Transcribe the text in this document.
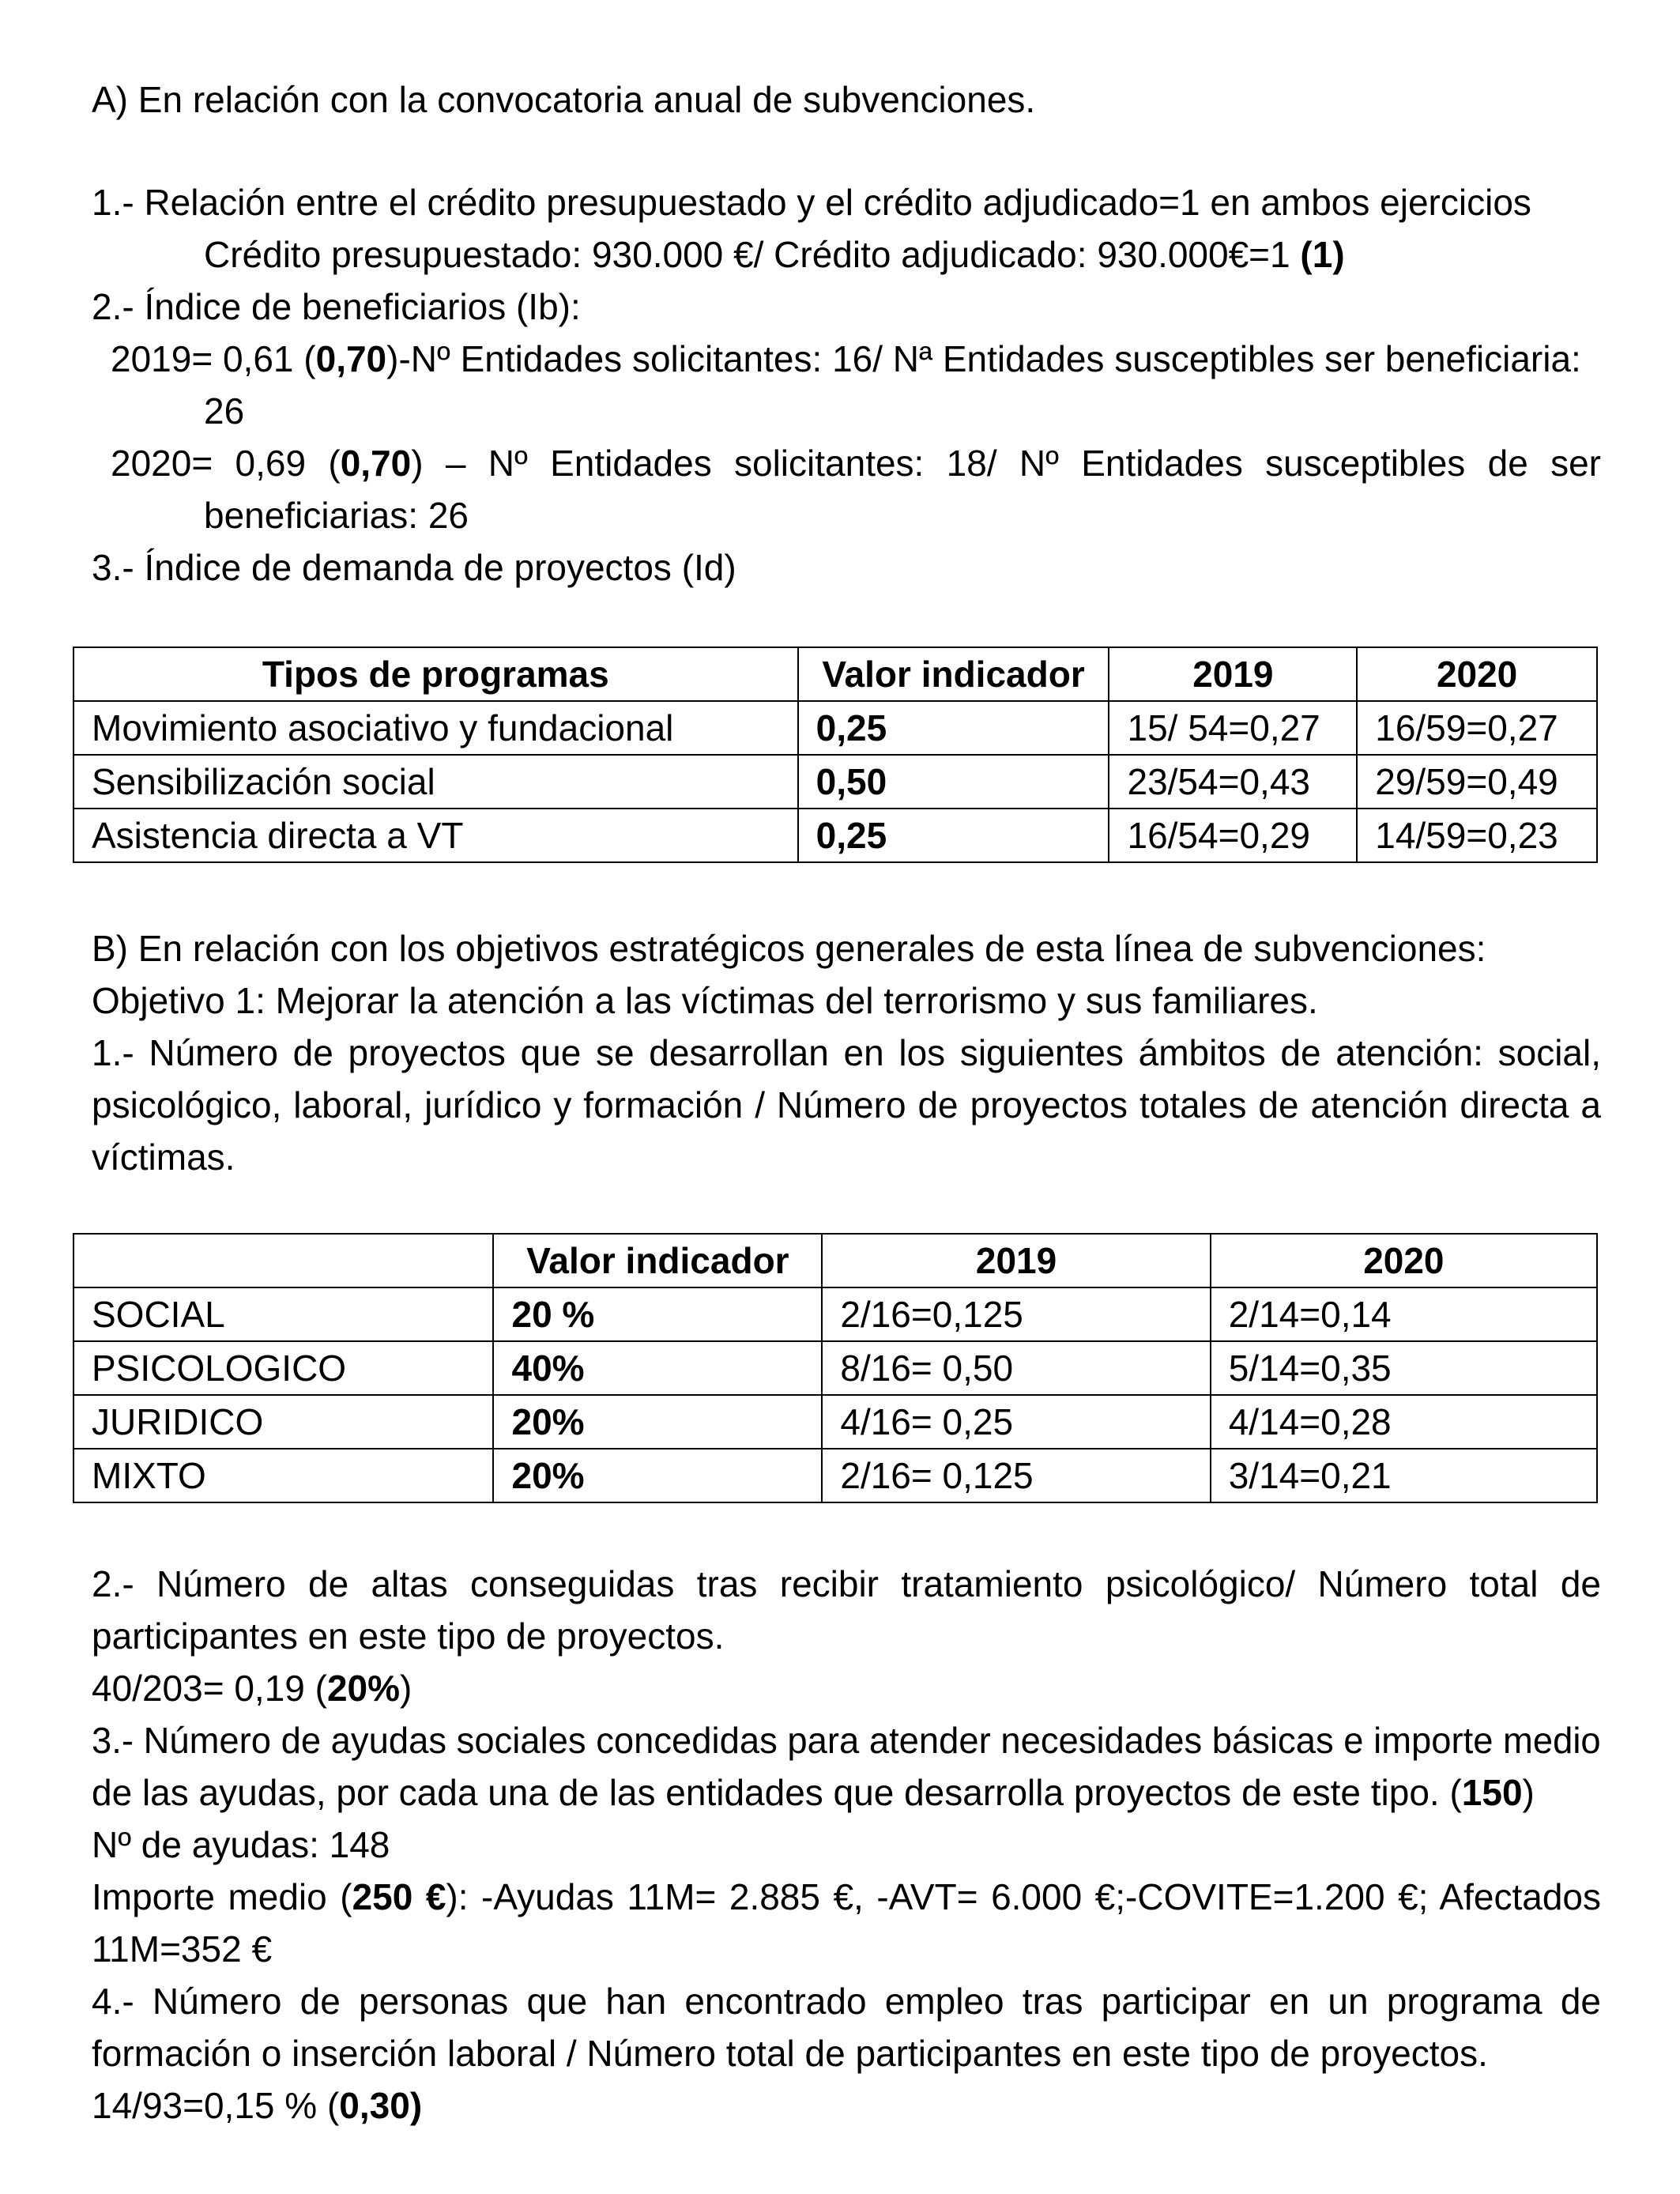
A) En relación con la convocatoria anual de subvenciones.
1.- Relación entre el crédito presupuestado y el crédito adjudicado=1 en ambos ejercicios
Crédito presupuestado: 930.000 €/ Crédito adjudicado: 930.000€=1 (1)
2.- Índice de beneficiarios (Ib):
2019= 0,61 (0,70)-Nº Entidades solicitantes: 16/ Nª Entidades susceptibles ser beneficiaria:
26
2020= 0,69 (0,70) – Nº Entidades solicitantes: 18/ Nº Entidades susceptibles de ser
beneficiarias: 26
3.- Índice de demanda de proyectos (Id)
Tipos de programas	Valor indicador	2019	2020
Movimiento asociativo y fundacional	0,25	15/ 54=0,27	16/59=0,27
Sensibilización social	0,50	23/54=0,43	29/59=0,49
Asistencia directa a VT	0,25	16/54=0,29	14/59=0,23
B) En relación con los objetivos estratégicos generales de esta línea de subvenciones:
Objetivo 1: Mejorar la atención a las víctimas del terrorismo y sus familiares.
1.- Número de proyectos que se desarrollan en los siguientes ámbitos de atención: social,
psicológico, laboral, jurídico y formación / Número de proyectos totales de atención directa a
víctimas.
	Valor indicador	2019	2020
SOCIAL	20 %	2/16=0,125	2/14=0,14
PSICOLOGICO	40%	8/16= 0,50	5/14=0,35
JURIDICO	20%	4/16= 0,25	4/14=0,28
MIXTO	20%	2/16= 0,125	3/14=0,21
2.- Número de altas conseguidas tras recibir tratamiento psicológico/ Número total de
participantes en este tipo de proyectos.
40/203= 0,19 (20%)
3.- Número de ayudas sociales concedidas para atender necesidades básicas e importe medio
de las ayudas, por cada una de las entidades que desarrolla proyectos de este tipo. (150)
Nº de ayudas: 148
Importe medio (250 €): -Ayudas 11M= 2.885 €, -AVT= 6.000 €;-COVITE=1.200 €; Afectados
11M=352 €
4.- Número de personas que han encontrado empleo tras participar en un programa de
formación o inserción laboral / Número total de participantes en este tipo de proyectos.
14/93=0,15 % (0,30)
